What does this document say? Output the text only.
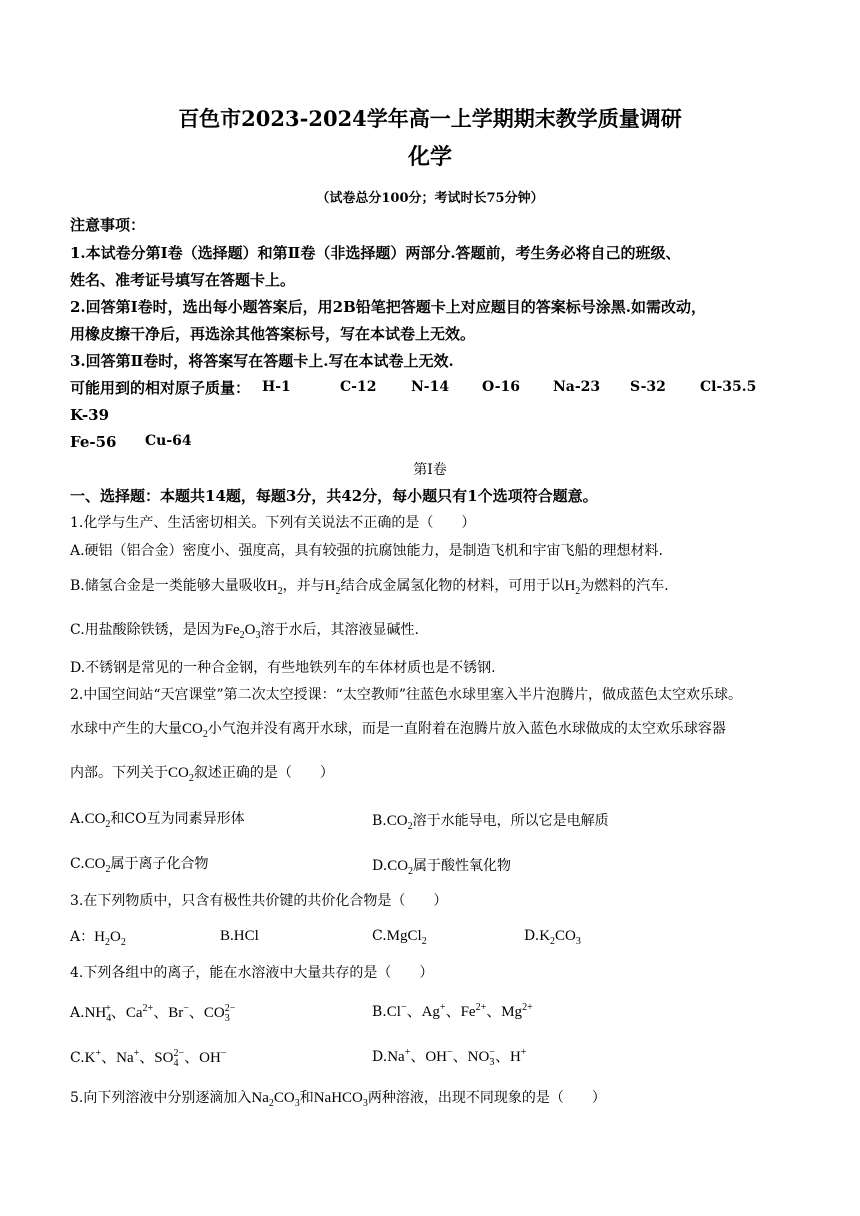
百色市2023-2024学年高一上学期期末教学质量调研
化学
（试卷总分100分；考试时长75分钟）
注意事项：
1.本试卷分第Ⅰ卷（选择题）和第Ⅱ卷（非选择题）两部分.答题前，考生务必将自己的班级、
姓名、准考证号填写在答题卡上。
2.回答第Ⅰ卷时，选出每小题答案后，用2B铅笔把答题卡上对应题目的答案标号涂黑.如需改动，
用橡皮擦干净后，再选涂其他答案标号，写在本试卷上无效。
3.回答第Ⅱ卷时，将答案写在答题卡上.写在本试卷上无效.
可能用到的相对原子质量： H-1	C-12 N-14 O-16 Na-23 S-32 Cl-35.5
K-39
Fe-56 Cu-64
第Ⅰ卷
一、选择题：本题共14题，每题3分，共42分，每小题只有1个选项符合题意。
1.化学与生产、生活密切相关。下列有关说法不正确的是（　　）
A.硬铝（铝合金）密度小、强度高，具有较强的抗腐蚀能力，是制造飞机和宇宙飞船的理想材料.
B.储氢合金是一类能够大量吸收$H_2$，并与$H_2$结合成金属氢化物的材料，可用于以$H_2$为燃料的汽车.
C.用盐酸除铁锈，是因为$Fe_2O_3$溶于水后，其溶液显碱性.
D.不锈钢是常见的一种合金钢，有些地铁列车的车体材质也是不锈钢.
2.中国空间站“天宫课堂”第二次太空授课：“太空教师”往蓝色水球里塞入半片泡腾片，做成蓝色太空欢乐球。
水球中产生的大量$CO_2$小气泡并没有离开水球，而是一直附着在泡腾片放入蓝色水球做成的太空欢乐球容器
内部。下列关于$CO_2$叙述正确的是（　　）
$A.CO_2$和CO互为同素异形体	$B.CO_2$溶于水能导电，所以它是电解质
$C.CO_2$属于离子化合物	$D.CO_2$属于酸性氧化物
3.在下列物质中，只含有极性共价键的共价化合物是（　　）
A：$H_2O_2$	B.HCl	C.MgCl$_2$	$D.K_2CO_3$
4.下列各组中的离子，能在水溶液中大量共存的是（　　）
$A.NH_4^+$、$Ca^{2+}$、Br−、$CO_3^{2-}$	B.Cl−、Ag+、$Fe^{2+}$、$Mg^{2+}$
C.K+、Na+、$SO_4^{2-}$、OH−	D.Na+、OH−、$NO_3^-$、H+
5.向下列溶液中分别逐滴加入$Na_2CO_3$和NaHCO$_3$两种溶液，出现不同现象的是（　　）
